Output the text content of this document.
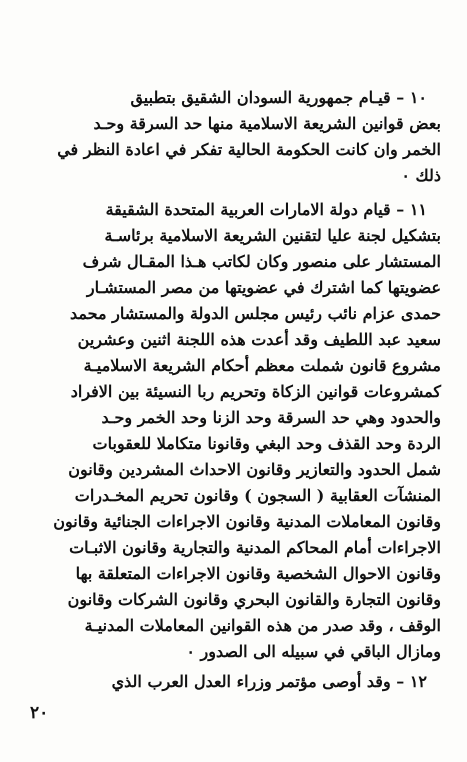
١٠ – قيـام جمهورية السودان الشقيق بتطبيق
بعض قوانين الشريعة الاسلامية منها حد السرقة وحـد
الخمر وان كانت الحكومة الحالية تفكر في اعادة النظر في
ذلك ٠
١١ – قيام دولة الامارات العربية المتحدة الشقيقة
بتشكيل لجنة عليا لتقنين الشريعة الاسلامية برئاسـة
المستشار على منصور وكان لكاتب هـذا المقـال شرف
عضويتها كما اشترك في عضويتها من مصر المستشـار
حمدى عزام نائب رئيس مجلس الدولة والمستشار محمد
سعيد عبد اللطيف وقد أعدت هذه اللجنة اثنين وعشرين
مشروع قانون شملت معظم أحكام الشريعة الاسلاميـة
كمشروعات قوانين الزكاة وتحريم ربا النسيئة بين الافراد
والحدود وهي حد السرقة وحد الزنا وحد الخمر وحـد
الردة وحد القذف وحد البغي وقانونا متكاملا للعقوبات
شمل الحدود والتعازير وقانون الاحداث المشردين وقانون
المنشآت العقابية ( السجون ) وقانون تحريم المخـدرات
وقانون المعاملات المدنية وقانون الاجراءات الجنائية وقانون
الاجراءات أمام المحاكم المدنية والتجارية وقانون الاثبـات
وقانون الاحوال الشخصية وقانون الاجراءات المتعلقة بها
وقانون التجارة والقانون البحري وقانون الشركات وقانون
الوقف ، وقد صدر من هذه القوانين المعاملات المدنيـة
ومازال الباقي في سبيله الى الصدور ٠
١٢ – وقد أوصى مؤتمر وزراء العدل العرب الذي
٢٠
